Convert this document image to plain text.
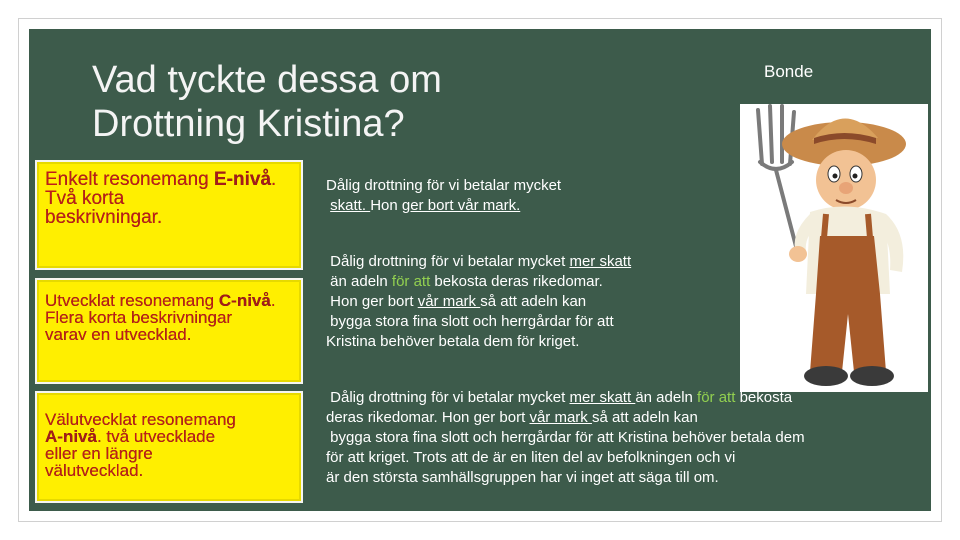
Vad tyckte dessa om
Drottning Kristina?
Bonde
Enkelt resonemang E-nivå.
Två korta
beskrivningar.
Utvecklat resonemang C-nivå.
Flera korta beskrivningar
varav en utvecklad.
Välutvecklat resonemang
A-nivå. två utvecklade
eller en längre
välutvecklad.
Dålig drottning för vi betalar mycket
skatt. Hon ger bort vår mark.
Dålig drottning för vi betalar mycket mer skatt
än adeln för att bekosta deras rikedomar.
Hon ger bort vår mark så att adeln kan
bygga stora fina slott och herrgårdar för att
Kristina behöver betala dem för kriget.
Dålig drottning för vi betalar mycket mer skatt än adeln för att bekosta
deras rikedomar. Hon ger bort vår mark så att adeln kan
bygga stora fina slott och herrgårdar för att Kristina behöver betala dem
för att kriget. Trots att de är en liten del av befolkningen och vi
är den största samhällsgruppen har vi inget att säga till om.
